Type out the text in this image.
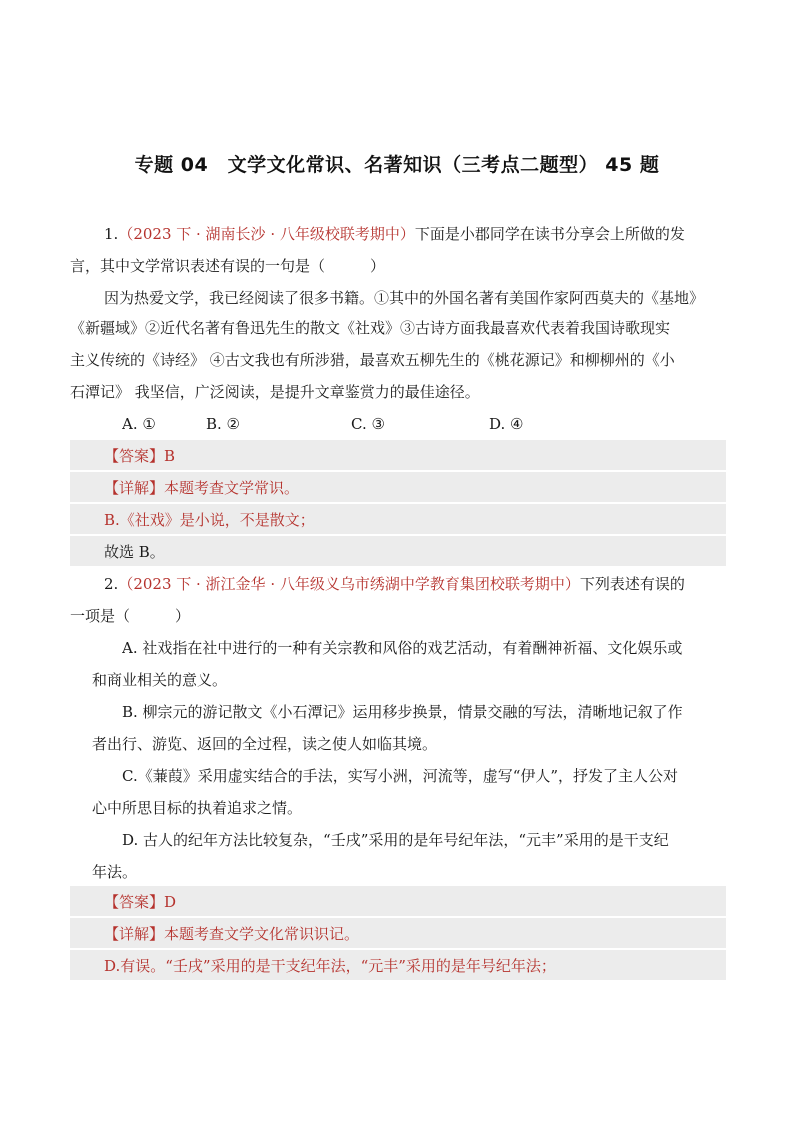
专题 04　文学文化常识、名著知识（三考点二题型） 45 题
1.（2023 下 · 湖南长沙 · 八年级校联考期中）下面是小郡同学在读书分享会上所做的发
言，其中文学常识表述有误的一句是（　　　）
因为热爱文学，我已经阅读了很多书籍。①其中的外国名著有美国作家阿西莫夫的《基地》
《新疆域》②近代名著有鲁迅先生的散文《社戏》③古诗方面我最喜欢代表着我国诗歌现实
主义传统的《诗经》 ④古文我也有所涉猎，最喜欢五柳先生的《桃花源记》和柳柳州的《小
石潭记》 我坚信，广泛阅读，是提升文章鉴赏力的最佳途径。
A. ①	B. ②	C. ③	D. ④
【答案】B
【详解】本题考查文学常识。
B.《社戏》是小说，不是散文；
故选 B。
2.（2023 下 · 浙江金华 · 八年级义乌市绣湖中学教育集团校联考期中）下列表述有误的
一项是（　　　）
A. 社戏指在社中进行的一种有关宗教和风俗的戏艺活动，有着酬神祈福、文化娱乐或
和商业相关的意义。
B. 柳宗元的游记散文《小石潭记》运用移步换景，情景交融的写法，清晰地记叙了作
者出行、游览、返回的全过程，读之使人如临其境。
C.《蒹葭》采用虚实结合的手法，实写小洲，河流等，虚写“伊人”，抒发了主人公对
心中所思目标的执着追求之情。
D. 古人的纪年方法比较复杂，“壬戌”采用的是年号纪年法，“元丰”采用的是干支纪
年法。
【答案】D
【详解】本题考查文学文化常识识记。
D.有误。“壬戌”采用的是干支纪年法，“元丰”采用的是年号纪年法；
